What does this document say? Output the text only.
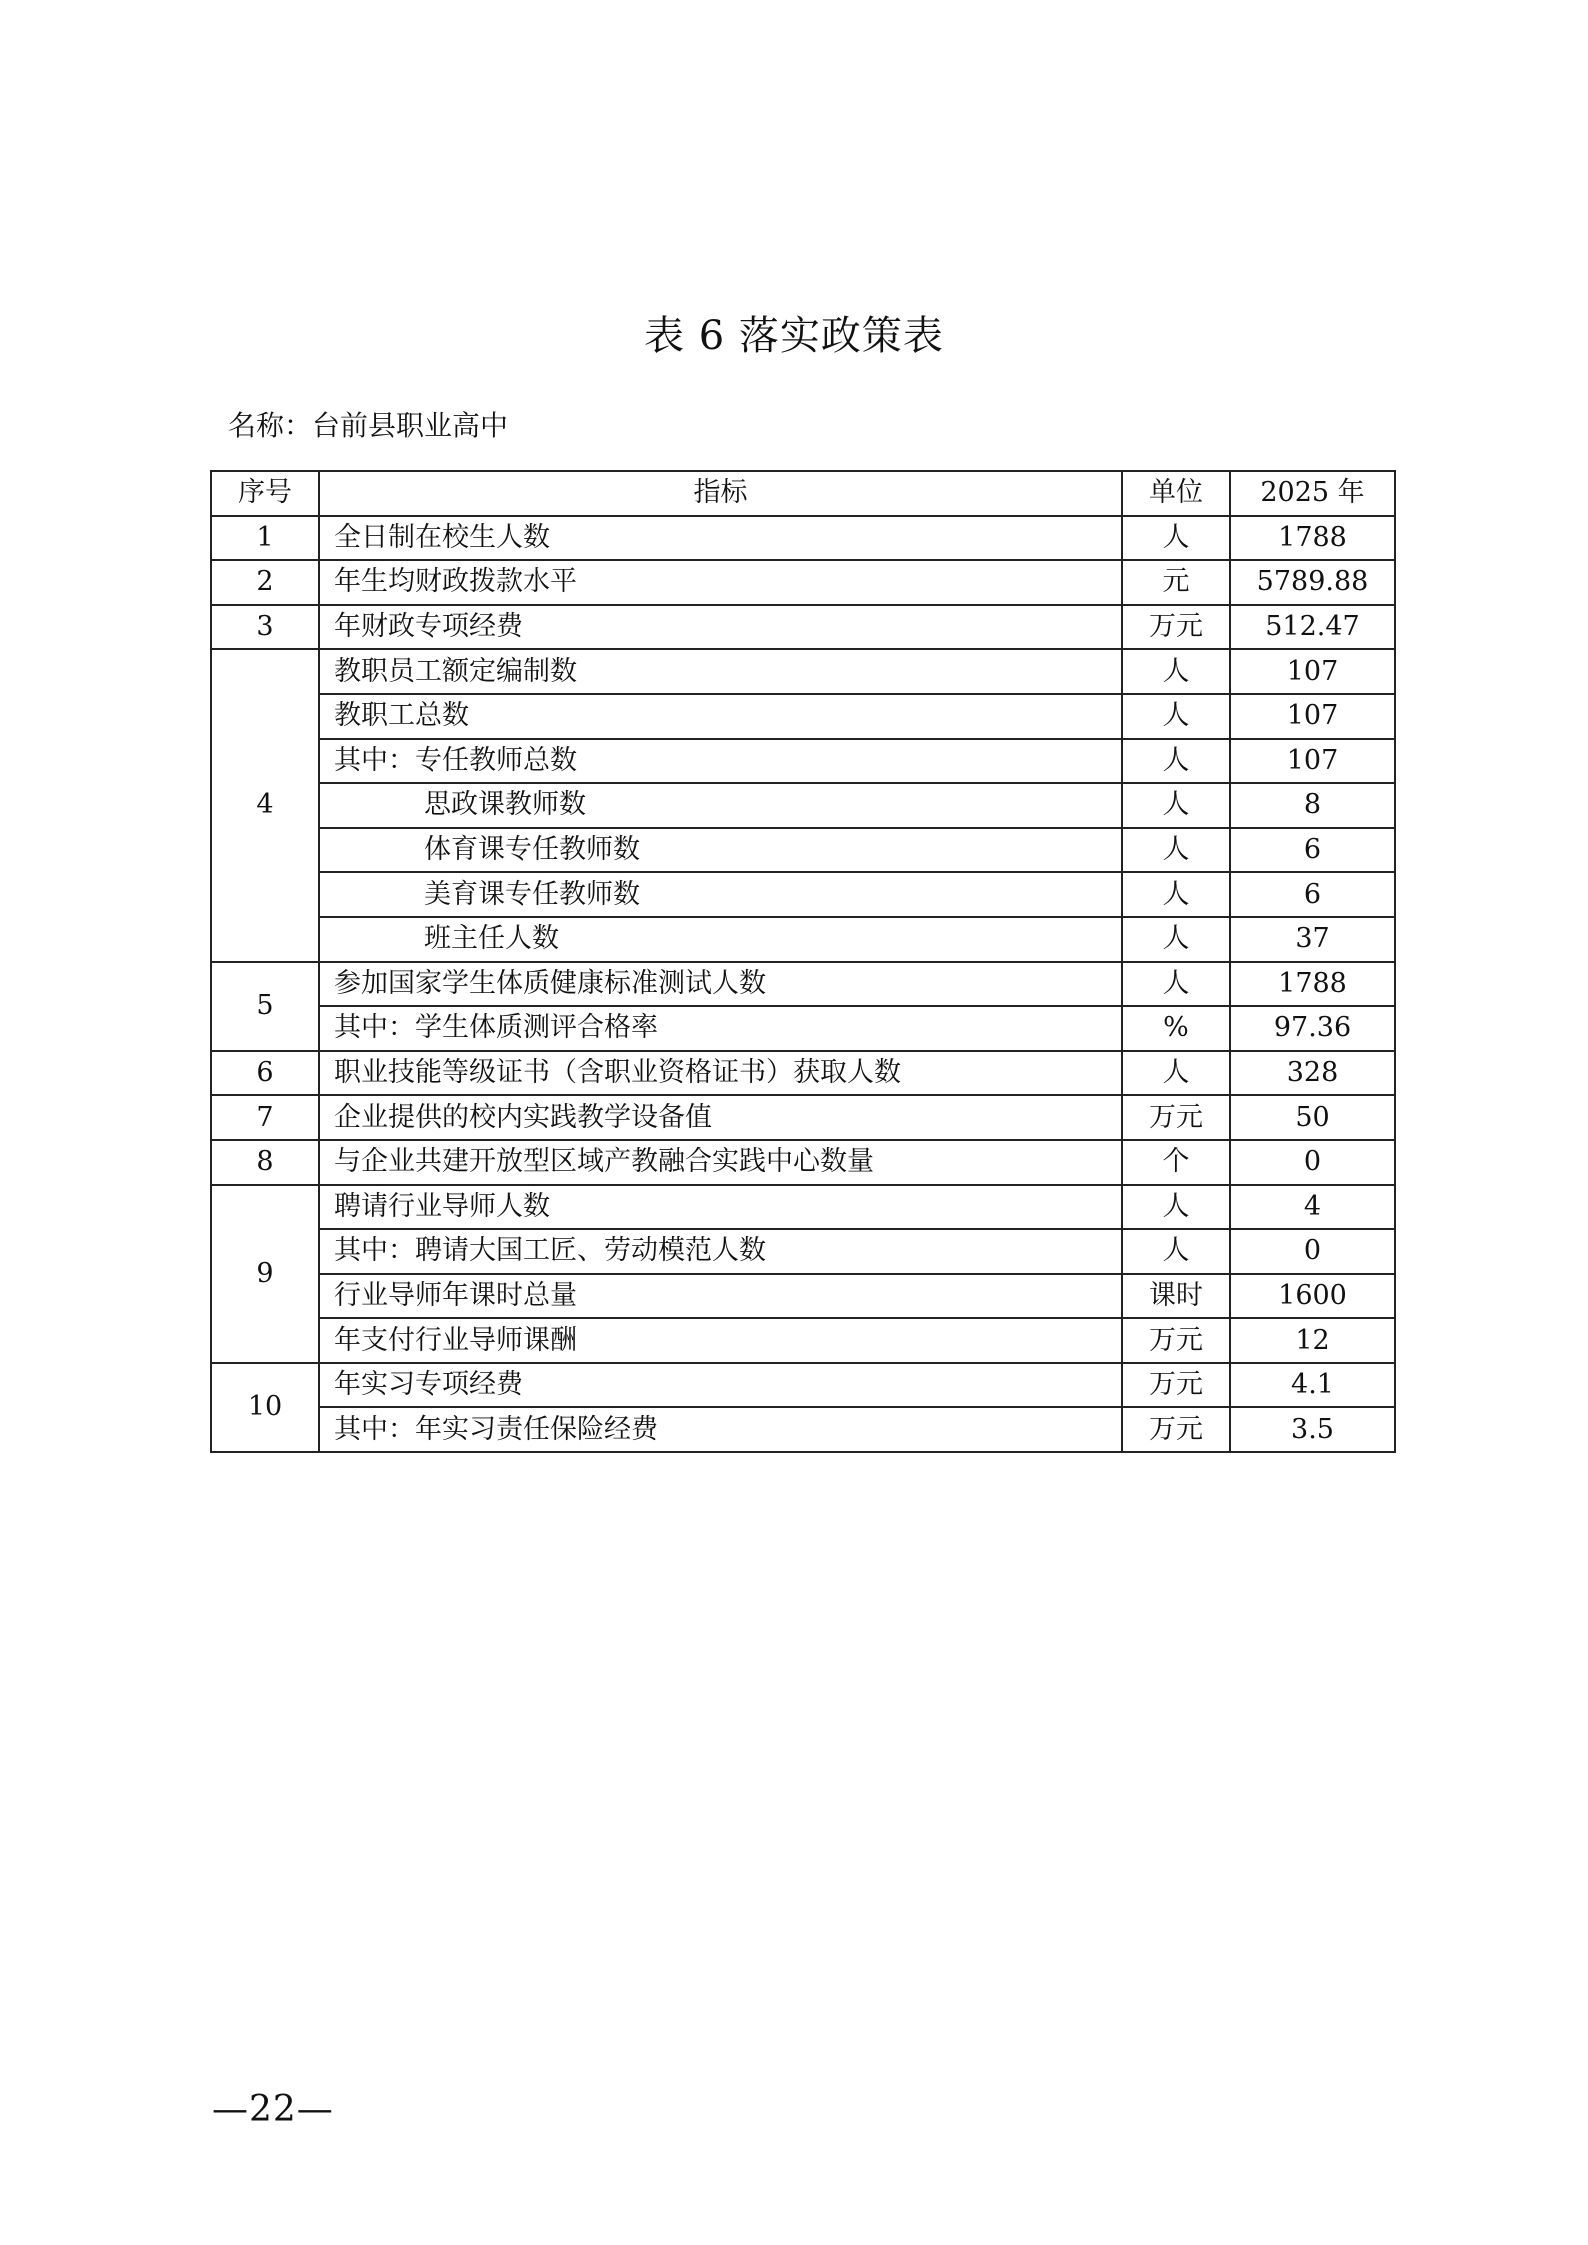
表 6 落实政策表
名称：台前县职业高中
序号	指标	单位	2025 年
1	全日制在校生人数	人	1788
2	年生均财政拨款水平	元	5789.88
3	年财政专项经费	万元	512.47
4	教职员工额定编制数	人	107
	教职工总数	人	107
	其中：专任教师总数	人	107
	思政课教师数	人	8
	体育课专任教师数	人	6
	美育课专任教师数	人	6
	班主任人数	人	37
5	参加国家学生体质健康标准测试人数	人	1788
	其中：学生体质测评合格率	%	97.36
6	职业技能等级证书（含职业资格证书）获取人数	人	328
7	企业提供的校内实践教学设备值	万元	50
8	与企业共建开放型区域产教融合实践中心数量	个	0
9	聘请行业导师人数	人	4
	其中：聘请大国工匠、劳动模范人数	人	0
	行业导师年课时总量	课时	1600
	年支付行业导师课酬	万元	12
10	年实习专项经费	万元	4.1
	其中：年实习责任保险经费	万元	3.5
—22—
